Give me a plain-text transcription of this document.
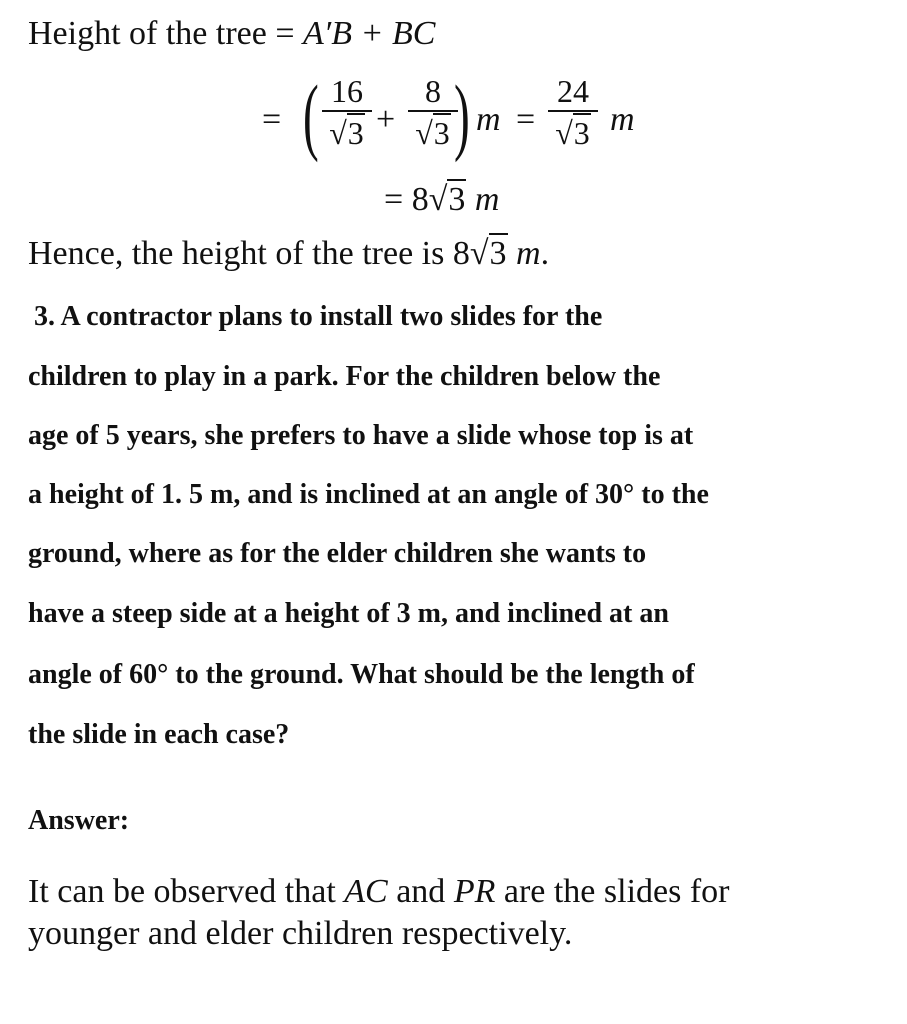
Height of the tree = A′B + BC
= ( 16
√3 +
8
√3 ) m =
24
√3 m
= 8√3 m
Hence, the height of the tree is 8√3 m.
3. A contractor plans to install two slides for the
children to play in a park. For the children below the
age of 5 years, she prefers to have a slide whose top is at
a height of 1. 5 m, and is inclined at an angle of 30° to the
ground, where as for the elder children she wants to
have a steep side at a height of 3 m, and inclined at an
angle of 60° to the ground. What should be the length of
the slide in each case?
Answer:
It can be observed that AC and PR are the slides for
younger and elder children respectively.
